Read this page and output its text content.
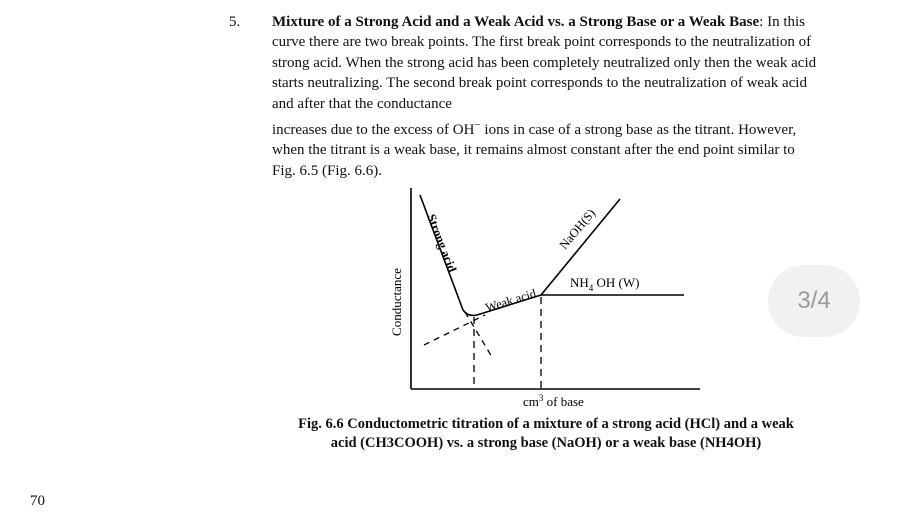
5. Mixture of a Strong Acid and a Weak Acid vs. a Strong Base or a Weak Base: In this curve there are two break points. The first break point corresponds to the neutralization of strong acid. When the strong acid has been completely neutralized only then the weak acid starts neutralizing. The second break point corresponds to the neutralization of weak acid and after that the conductance

increases due to the excess of OH− ions in case of a strong base as the titrant. However, when the titrant is a weak base, it remains almost constant after the end point similar to Fig. 6.5 (Fig. 6.6).

Conductance
Strong acid
Weak acid
NaOH(S)
$NH_4$ OH (W)
$cm^3$ of base

Fig. 6.6 Conductometric titration of a mixture of a strong acid (HCl) and a weak
acid (CH3COOH) vs. a strong base (NaOH) or a weak base (NH4OH)

70
3/4
